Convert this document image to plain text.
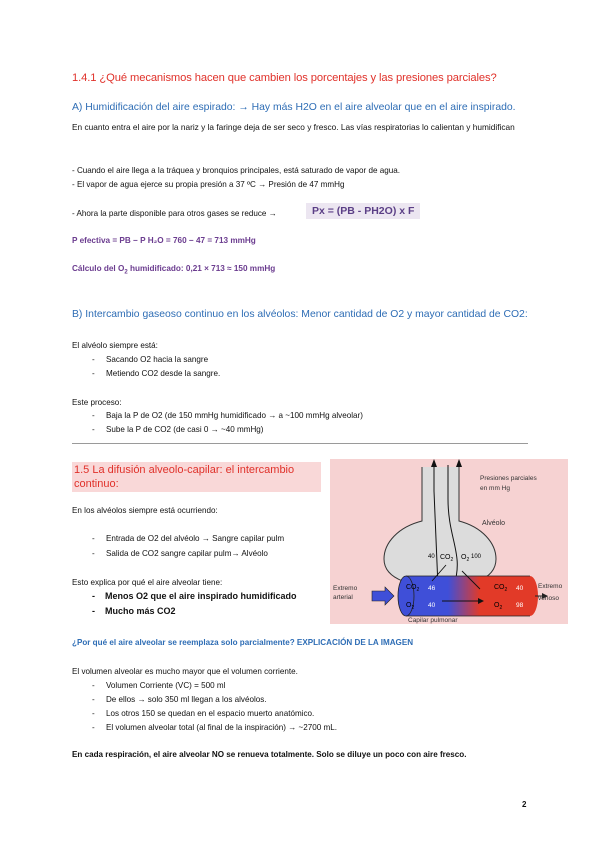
1.4.1 ¿Qué mecanismos hacen que cambien los porcentajes y las presiones parciales?
A) Humidificación del aire espirado: → Hay más H2O en el aire alveolar que en el aire inspirado.
En cuanto entra el aire por la nariz y la faringe deja de ser seco y fresco. Las vías respiratorias lo calientan y humidifican
- Cuando el aire llega a la tráquea y bronquios principales, está saturado de vapor de agua.
- El vapor de agua ejerce su propia presión a 37 ºC → Presión de 47 mmHg
- Ahora la parte disponible para otros gases se reduce →	Px = (PB - PH2O) x F
P efectiva = PB − P H₂O = 760 − 47 = 713 mmHg
Cálculo del $O_2$ humidificado: 0,21 × 713 ≈ 150 mmHg
B) Intercambio gaseoso continuo en los alvéolos: Menor cantidad de O2 y mayor cantidad de CO2:
El alvéolo siempre está:
-     Sacando O2 hacia la sangre
-     Metiendo CO2 desde la sangre.
Este proceso:
-     Baja la P de O2 (de 150 mmHg humidificado → a ~100 mmHg alveolar)
-     Sube la P de CO2 (de casi 0 → ~40 mmHg)
1.5 La difusión alveolo-capilar: el intercambio continuo:
En los alvéolos siempre está ocurriendo:
-     Entrada de O2 del alvéolo → Sangre capilar pulm
-     Salida de CO2 sangre capilar pulm→ Alvéolo
Esto explica por qué el aire alveolar tiene:
-    Menos O2 que el aire inspirado humidificado
-    Mucho más CO2
40 $CO_2$ $O_2$ 100
Presiones parciales
en mm Hg
Alvéolo
$CO_2$ 46
$O_2$ 40
$CO_2$ 40
$O_2$ 98
Extremo
arterial
Extremo
venoso
Capilar pulmonar
¿Por qué el aire alveolar se reemplaza solo parcialmente? EXPLICACIÓN DE LA IMAGEN
El volumen alveolar es mucho mayor que el volumen corriente.
-     Volumen Corriente (VC) = 500 ml
-     De ellos → solo 350 ml llegan a los alvéolos.
-     Los otros 150 se quedan en el espacio muerto anatómico.
-     El volumen alveolar total (al final de la inspiración) → ~2700 mL.
En cada respiración, el aire alveolar NO se renueva totalmente. Solo se diluye un poco con aire fresco.
2
